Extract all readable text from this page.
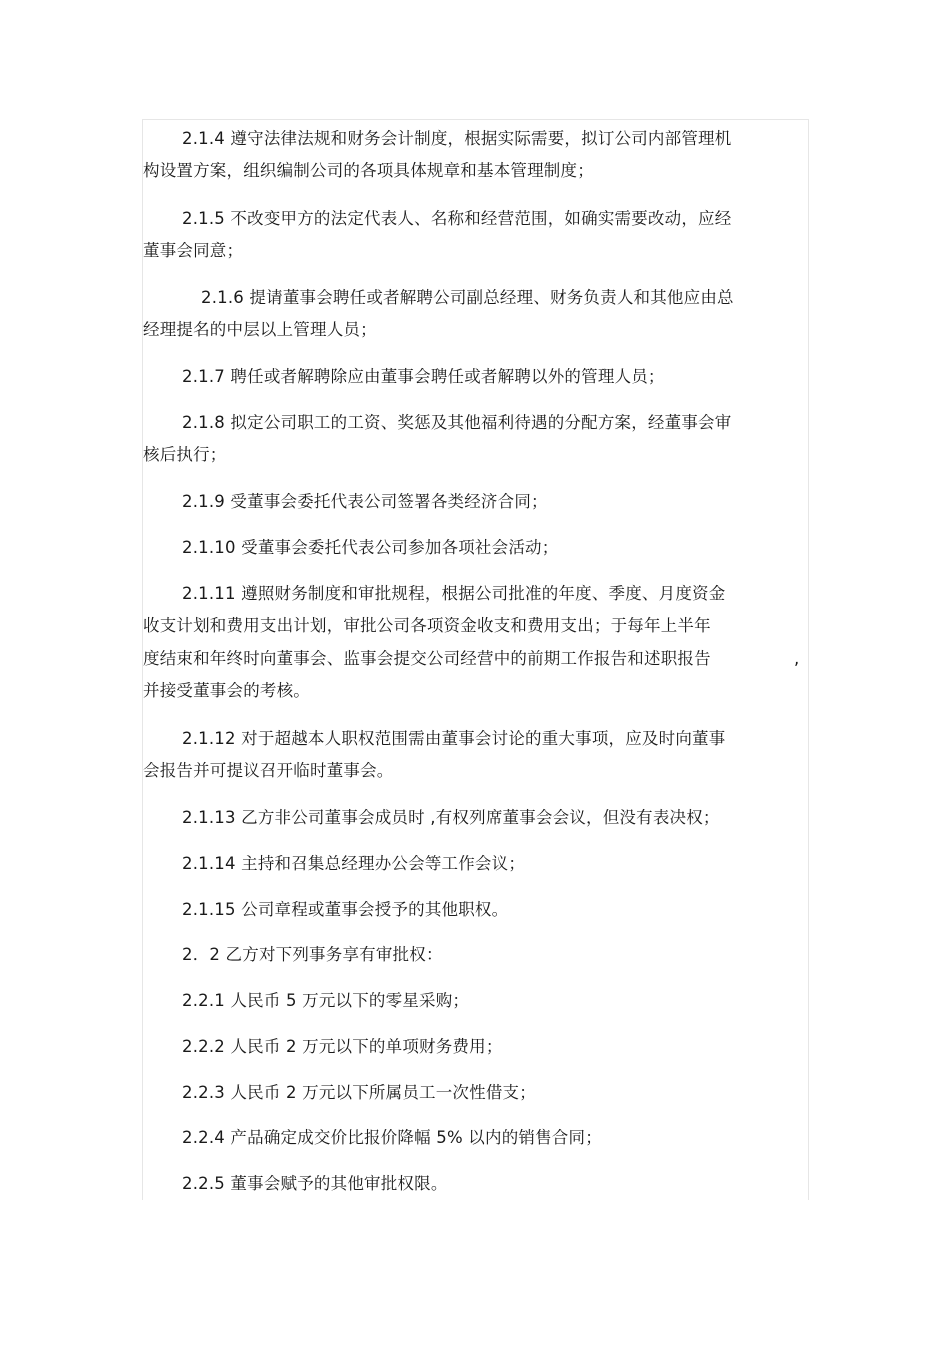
2.1.4 遵守法律法规和财务会计制度，根据实际需要，拟订公司内部管理机
构设置方案，组织编制公司的各项具体规章和基本管理制度；
2.1.5 不改变甲方的法定代表人、名称和经营范围，如确实需要改动，应经
董事会同意；
2.1.6 提请董事会聘任或者解聘公司副总经理、财务负责人和其他应由总
经理提名的中层以上管理人员；
2.1.7 聘任或者解聘除应由董事会聘任或者解聘以外的管理人员；
2.1.8 拟定公司职工的工资、奖惩及其他福利待遇的分配方案，经董事会审
核后执行；
2.1.9 受董事会委托代表公司签署各类经济合同；
2.1.10 受董事会委托代表公司参加各项社会活动；
2.1.11 遵照财务制度和审批规程，根据公司批准的年度、季度、月度资金
收支计划和费用支出计划，审批公司各项资金收支和费用支出；于每年上半年
度结束和年终时向董事会、监事会提交公司经营中的前期工作报告和述职报告	,
并接受董事会的考核。
2.1.12 对于超越本人职权范围需由董事会讨论的重大事项，应及时向董事
会报告并可提议召开临时董事会。
2.1.13 乙方非公司董事会成员时 ,有权列席董事会会议，但没有表决权；
2.1.14 主持和召集总经理办公会等工作会议；
2.1.15 公司章程或董事会授予的其他职权。
2．2 乙方对下列事务享有审批权：
2.2.1 人民币 5 万元以下的零星采购；
2.2.2 人民币 2 万元以下的单项财务费用；
2.2.3 人民币 2 万元以下所属员工一次性借支；
2.2.4 产品确定成交价比报价降幅 5% 以内的销售合同；
2.2.5 董事会赋予的其他审批权限。
